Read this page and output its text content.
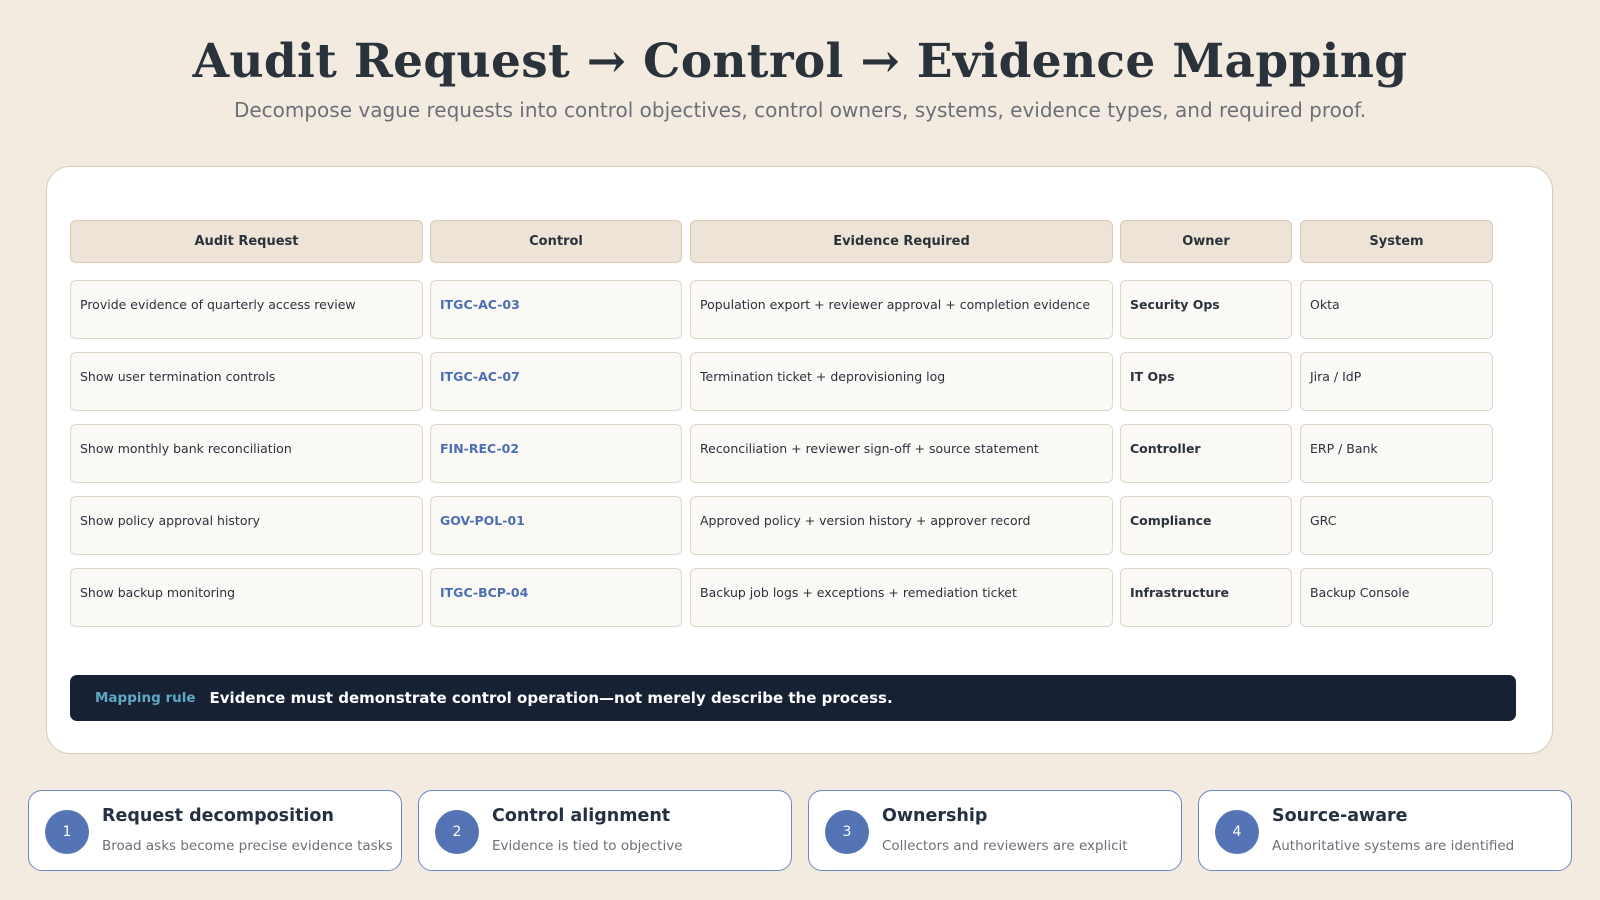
Audit Request → Control → Evidence Mapping
Decompose vague requests into control objectives, control owners, systems, evidence types, and required proof.
Audit Request	Control	Evidence Required	Owner	System
Provide evidence of quarterly access review	ITGC-AC-03	Population export + reviewer approval + completion evidence	Security Ops	Okta
Show user termination controls	ITGC-AC-07	Termination ticket + deprovisioning log	IT Ops	Jira / IdP
Show monthly bank reconciliation	FIN-REC-02	Reconciliation + reviewer sign-off + source statement	Controller	ERP / Bank
Show policy approval history	GOV-POL-01	Approved policy + version history + approver record	Compliance	GRC
Show backup monitoring	ITGC-BCP-04	Backup job logs + exceptions + remediation ticket	Infrastructure	Backup Console
Mapping rule Evidence must demonstrate control operation—not merely describe the process.
1
Request decomposition
Broad asks become precise evidence tasks
2
Control alignment
Evidence is tied to objective
3
Ownership
Collectors and reviewers are explicit
4
Source-aware
Authoritative systems are identified
